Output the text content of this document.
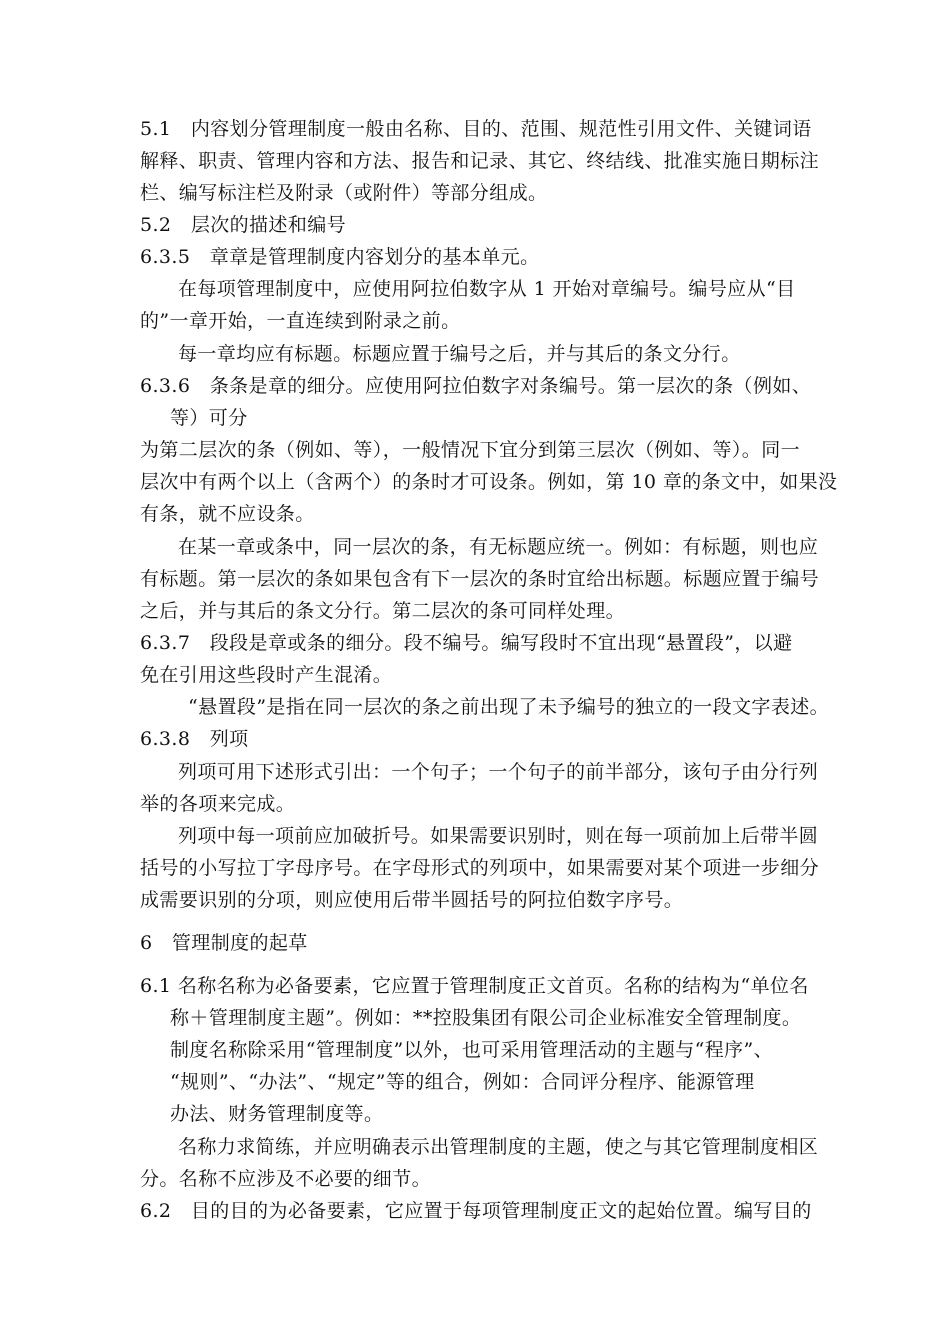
5.1　内容划分管理制度一般由名称、目的、范围、规范性引用文件、关键词语
解释、职责、管理内容和方法、报告和记录、其它、终结线、批准实施日期标注
栏、编写标注栏及附录（或附件）等部分组成。
5.2　层次的描述和编号
6.3.5　章章是管理制度内容划分的基本单元。
在每项管理制度中，应使用阿拉伯数字从 1 开始对章编号。编号应从“目
的”一章开始，一直连续到附录之前。
每一章均应有标题。标题应置于编号之后，并与其后的条文分行。
6.3.6　条条是章的细分。应使用阿拉伯数字对条编号。第一层次的条（例如、
等）可分
为第二层次的条（例如、等），一般情况下宜分到第三层次（例如、等）。同一
层次中有两个以上（含两个）的条时才可设条。例如，第 10 章的条文中，如果没
有条，就不应设条。
在某一章或条中，同一层次的条，有无标题应统一。例如：有标题，则也应
有标题。第一层次的条如果包含有下一层次的条时宜给出标题。标题应置于编号
之后，并与其后的条文分行。第二层次的条可同样处理。
6.3.7　段段是章或条的细分。段不编号。编写段时不宜出现“悬置段”，以避
免在引用这些段时产生混淆。
“悬置段”是指在同一层次的条之前出现了未予编号的独立的一段文字表述。
6.3.8　列项
列项可用下述形式引出：一个句子；一个句子的前半部分，该句子由分行列
举的各项来完成。
列项中每一项前应加破折号。如果需要识别时，则在每一项前加上后带半圆
括号的小写拉丁字母序号。在字母形式的列项中，如果需要对某个项进一步细分
成需要识别的分项，则应使用后带半圆括号的阿拉伯数字序号。
6　管理制度的起草
6.1 名称名称为必备要素，它应置于管理制度正文首页。名称的结构为“单位名
称＋管理制度主题”。例如：**控股集团有限公司企业标准安全管理制度。
制度名称除采用“管理制度”以外，也可采用管理活动的主题与“程序”、
“规则”、“办法”、“规定”等的组合，例如：合同评分程序、能源管理
办法、财务管理制度等。
名称力求简练，并应明确表示出管理制度的主题，使之与其它管理制度相区
分。名称不应涉及不必要的细节。
6.2　目的目的为必备要素，它应置于每项管理制度正文的起始位置。编写目的
